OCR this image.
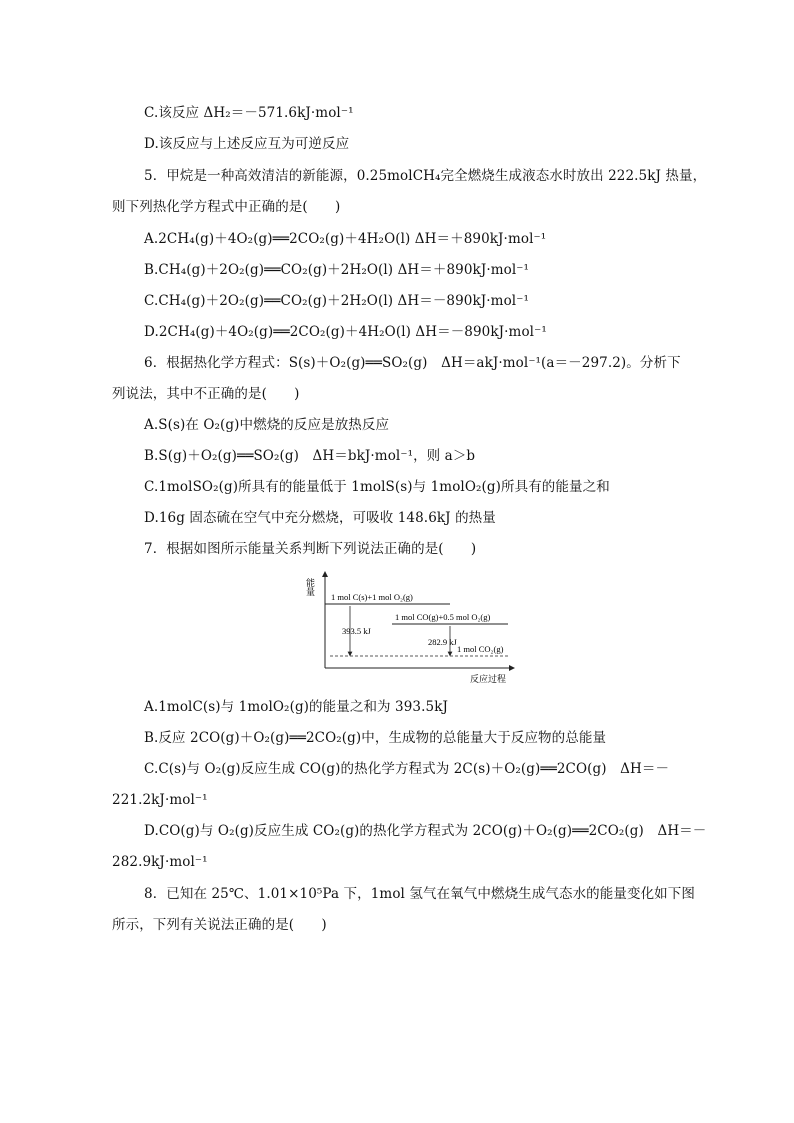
C.该反应 ΔH₂＝－571.6kJ·mol⁻¹
D.该反应与上述反应互为可逆反应
5．甲烷是一种高效清洁的新能源，0.25molCH₄完全燃烧生成液态水时放出 222.5kJ 热量，
则下列热化学方程式中正确的是(　　)
A.2CH₄(g)＋4O₂(g)══2CO₂(g)＋4H₂O(l) ΔH＝＋890kJ·mol⁻¹
B.CH₄(g)＋2O₂(g)══CO₂(g)＋2H₂O(l) ΔH＝＋890kJ·mol⁻¹
C.CH₄(g)＋2O₂(g)══CO₂(g)＋2H₂O(l) ΔH＝－890kJ·mol⁻¹
D.2CH₄(g)＋4O₂(g)══2CO₂(g)＋4H₂O(l) ΔH＝－890kJ·mol⁻¹
6．根据热化学方程式：S(s)＋O₂(g)══SO₂(g)　ΔH＝akJ·mol⁻¹(a＝－297.2)。分析下
列说法，其中不正确的是(　　)
A.S(s)在 O₂(g)中燃烧的反应是放热反应
B.S(g)＋O₂(g)══SO₂(g)　ΔH＝bkJ·mol⁻¹，则 a＞b
C.1molSO₂(g)所具有的能量低于 1molS(s)与 1molO₂(g)所具有的能量之和
D.16g 固态硫在空气中充分燃烧，可吸收 148.6kJ 的热量
7．根据如图所示能量关系判断下列说法正确的是(　　)
能量
反应过程
1 mol C(s)+1 mol O₂(g)
1 mol CO(g)+0.5 mol O₂(g)
1 mol CO₂(g)
393.5 kJ
282.9 kJ
A.1molC(s)与 1molO₂(g)的能量之和为 393.5kJ
B.反应 2CO(g)＋O₂(g)══2CO₂(g)中，生成物的总能量大于反应物的总能量
C.C(s)与 O₂(g)反应生成 CO(g)的热化学方程式为 2C(s)＋O₂(g)══2CO(g)　ΔH＝－
221.2kJ·mol⁻¹
D.CO(g)与 O₂(g)反应生成 CO₂(g)的热化学方程式为 2CO(g)＋O₂(g)══2CO₂(g)　ΔH＝－
282.9kJ·mol⁻¹
8．已知在 25℃、1.01×10⁵Pa 下，1mol 氢气在氧气中燃烧生成气态水的能量变化如下图
所示，下列有关说法正确的是(　　)
